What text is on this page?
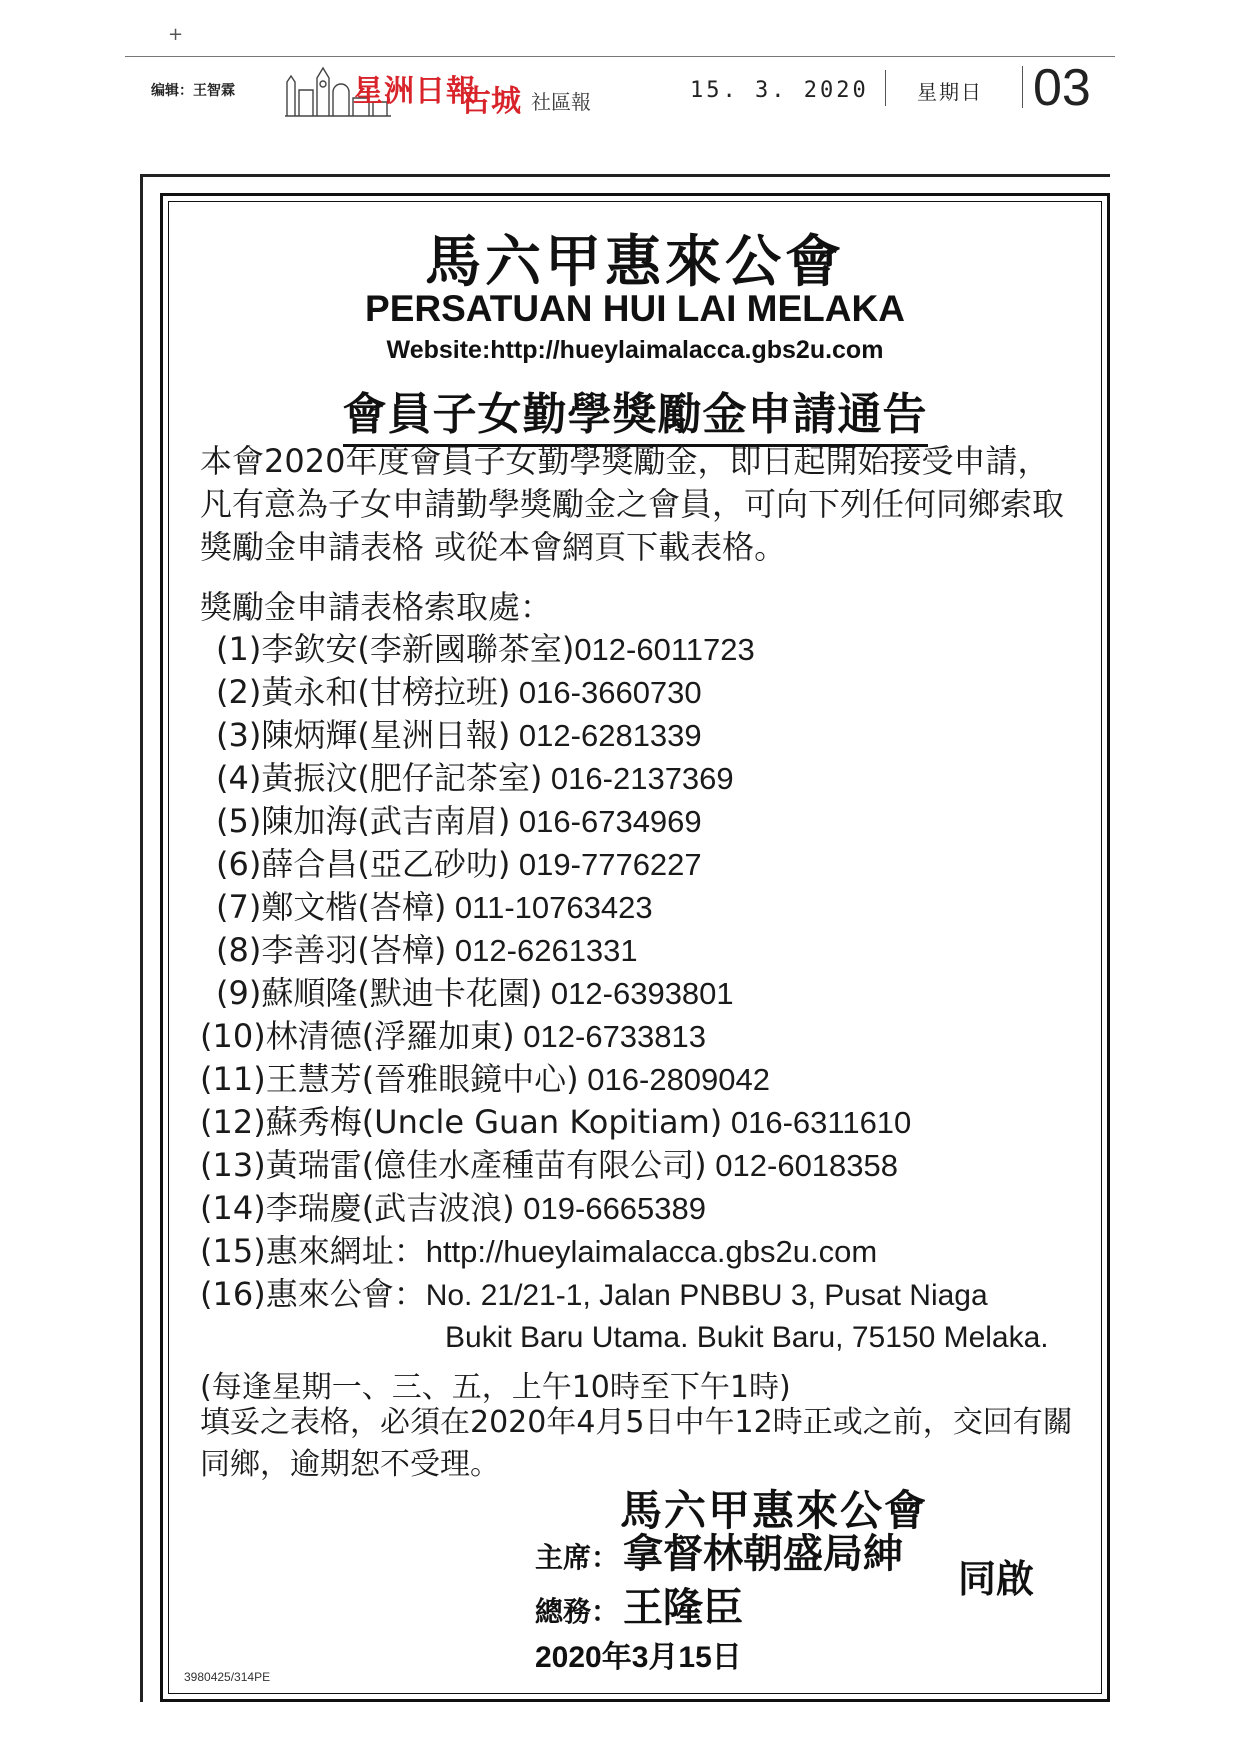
+
编辑：王智霖	星洲日報
古城 社區報	15. 3. 2020 星期日 03
馬六甲惠來公會
PERSATUAN HUI LAI MELAKA
Website:http://hueylaimalacca.gbs2u.com
會員子女勤學獎勵金申請通告
本會2020年度會員子女勤學獎勵金，即日起開始接受申請，凡有意為子女申請勤學獎勵金之會員，可向下列任何同鄉索取獎勵金申請表格 或從本會網頁下載表格。
獎勵金申請表格索取處：
(1)李欽安(李新國聯茶室)012-6011723
(2)黃永和(甘榜拉班) 016-3660730
(3)陳炳輝(星洲日報) 012-6281339
(4)黃振汶(肥仔記茶室) 016-2137369
(5)陳加海(武吉南眉) 016-6734969
(6)薛合昌(亞乙砂叻) 019-7776227
(7)鄭文楷(峇樟) 011-10763423
(8)李善羽(峇樟) 012-6261331
(9)蘇順隆(默迪卡花園) 012-6393801
(10)林清德(浮羅加東) 012-6733813
(11)王慧芳(晉雅眼鏡中心) 016-2809042
(12)蘇秀梅(Uncle Guan Kopitiam) 016-6311610
(13)黃瑞雷(億佳水產種苗有限公司) 012-6018358
(14)李瑞慶(武吉波浪) 019-6665389
(15)惠來網址：http://hueylaimalacca.gbs2u.com
(16)惠來公會：No. 21/21-1, Jalan PNBBU 3, Pusat Niaga
Bukit Baru Utama. Bukit Baru, 75150 Melaka.
(每逢星期一、三、五，上午10時至下午1時)
填妥之表格，必須在2020年4月5日中午12時正或之前，交回有關同鄉，逾期恕不受理。
馬六甲惠來公會
主席： 拿督林朝盛局紳
總務： 王隆臣
同啟
2020年3月15日
3980425/314PE
